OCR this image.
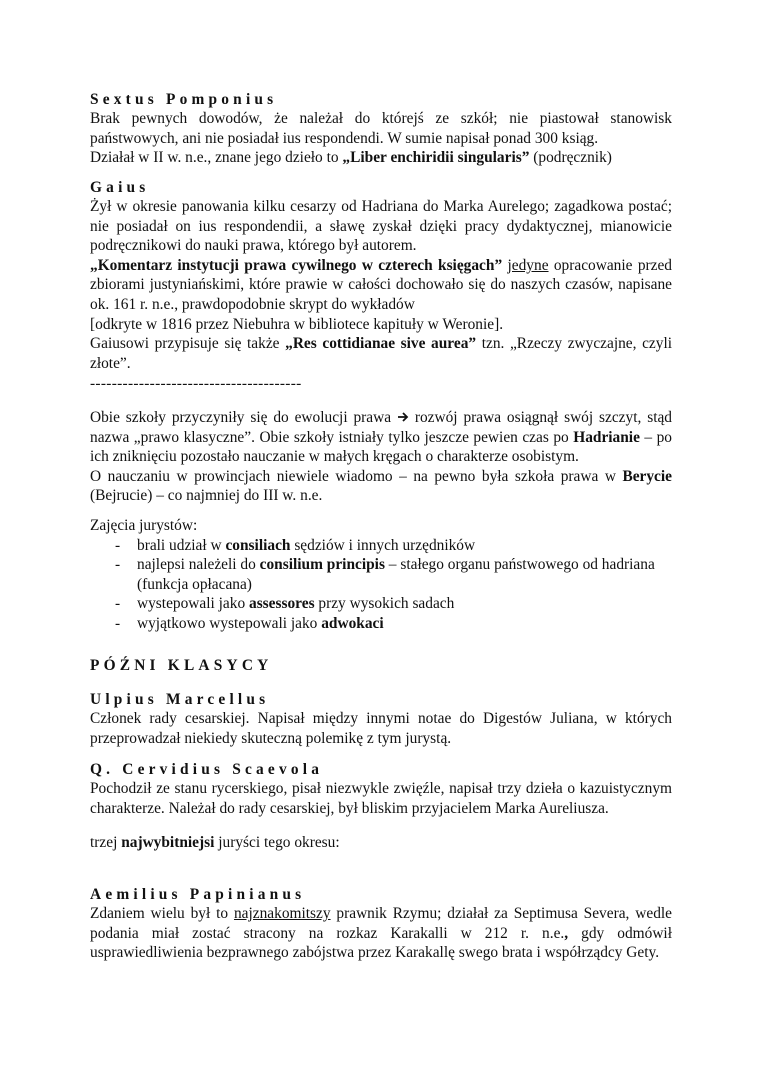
Sextus Pomponius

Brak pewnych dowodów, że należał do którejś ze szkół; nie piastował stanowisk państwowych, ani nie posiadał ius respondendi. W sumie napisał ponad 300 ksiąg.

Działał w II w. n.e., znane jego dzieło to „Liber enchiridii singularis” (podręcznik)

Gaius

Żył w okresie panowania kilku cesarzy od Hadriana do Marka Aurelego; zagadkowa postać; nie posiadał on ius respondendii, a sławę zyskał dzięki pracy dydaktycznej, mianowicie podręcznikowi do nauki prawa, którego był autorem.

„Komentarz instytucji prawa cywilnego w czterech księgach” jedyne opracowanie przed zbiorami justyniańskimi, które prawie w całości dochowało się do naszych czasów, napisane ok. 161 r. n.e., prawdopodobnie skrypt do wykładów

[odkryte w 1816 przez Niebuhra w bibliotece kapituły w Weronie].

Gaiusowi przypisuje się także „Res cottidianae sive aurea” tzn. „Rzeczy zwyczajne, czyli złote”.

---------------------------------------

Obie szkoły przyczyniły się do ewolucji prawa  rozwój prawa osiągnął swój szczyt, stąd nazwa „prawo klasyczne”. Obie szkoły istniały tylko jeszcze pewien czas po Hadrianie – po ich zniknięciu pozostało nauczanie w małych kręgach o charakterze osobistym.

O nauczaniu w prowincjach niewiele wiadomo – na pewno była szkoła prawa w Berycie (Bejrucie) – co najmniej do III w. n.e.

Zajęcia jurystów:

- brali udział w consiliach sędziów i innych urzędników
- najlepsi należeli do consilium principis – stałego organu państwowego od hadriana (funkcja opłacana)
- wystepowali jako assessores przy wysokich sadach
- wyjątkowo wystepowali jako adwokaci
PÓŹNI KLASYCY
Ulpius Marcellus

Członek rady cesarskiej. Napisał między innymi notae do Digestów Juliana, w których przeprowadzał niekiedy skuteczną polemikę z tym jurystą.

Q. Cervidius Scaevola

Pochodził ze stanu rycerskiego, pisał niezwykle zwięźle, napisał trzy dzieła o kazuistycznym charakterze. Należał do rady cesarskiej, był bliskim przyjacielem Marka Aureliusza.

trzej najwybitniejsi juryści tego okresu:

Aemilius Papinianus

Zdaniem wielu był to najznakomitszy prawnik Rzymu; działał za Septimusa Severa, wedle podania miał zostać stracony na rozkaz Karakalli w 212 r. n.e., gdy odmówił usprawiedliwienia bezprawnego zabójstwa przez Karakallę swego brata i współrządcy Gety.
